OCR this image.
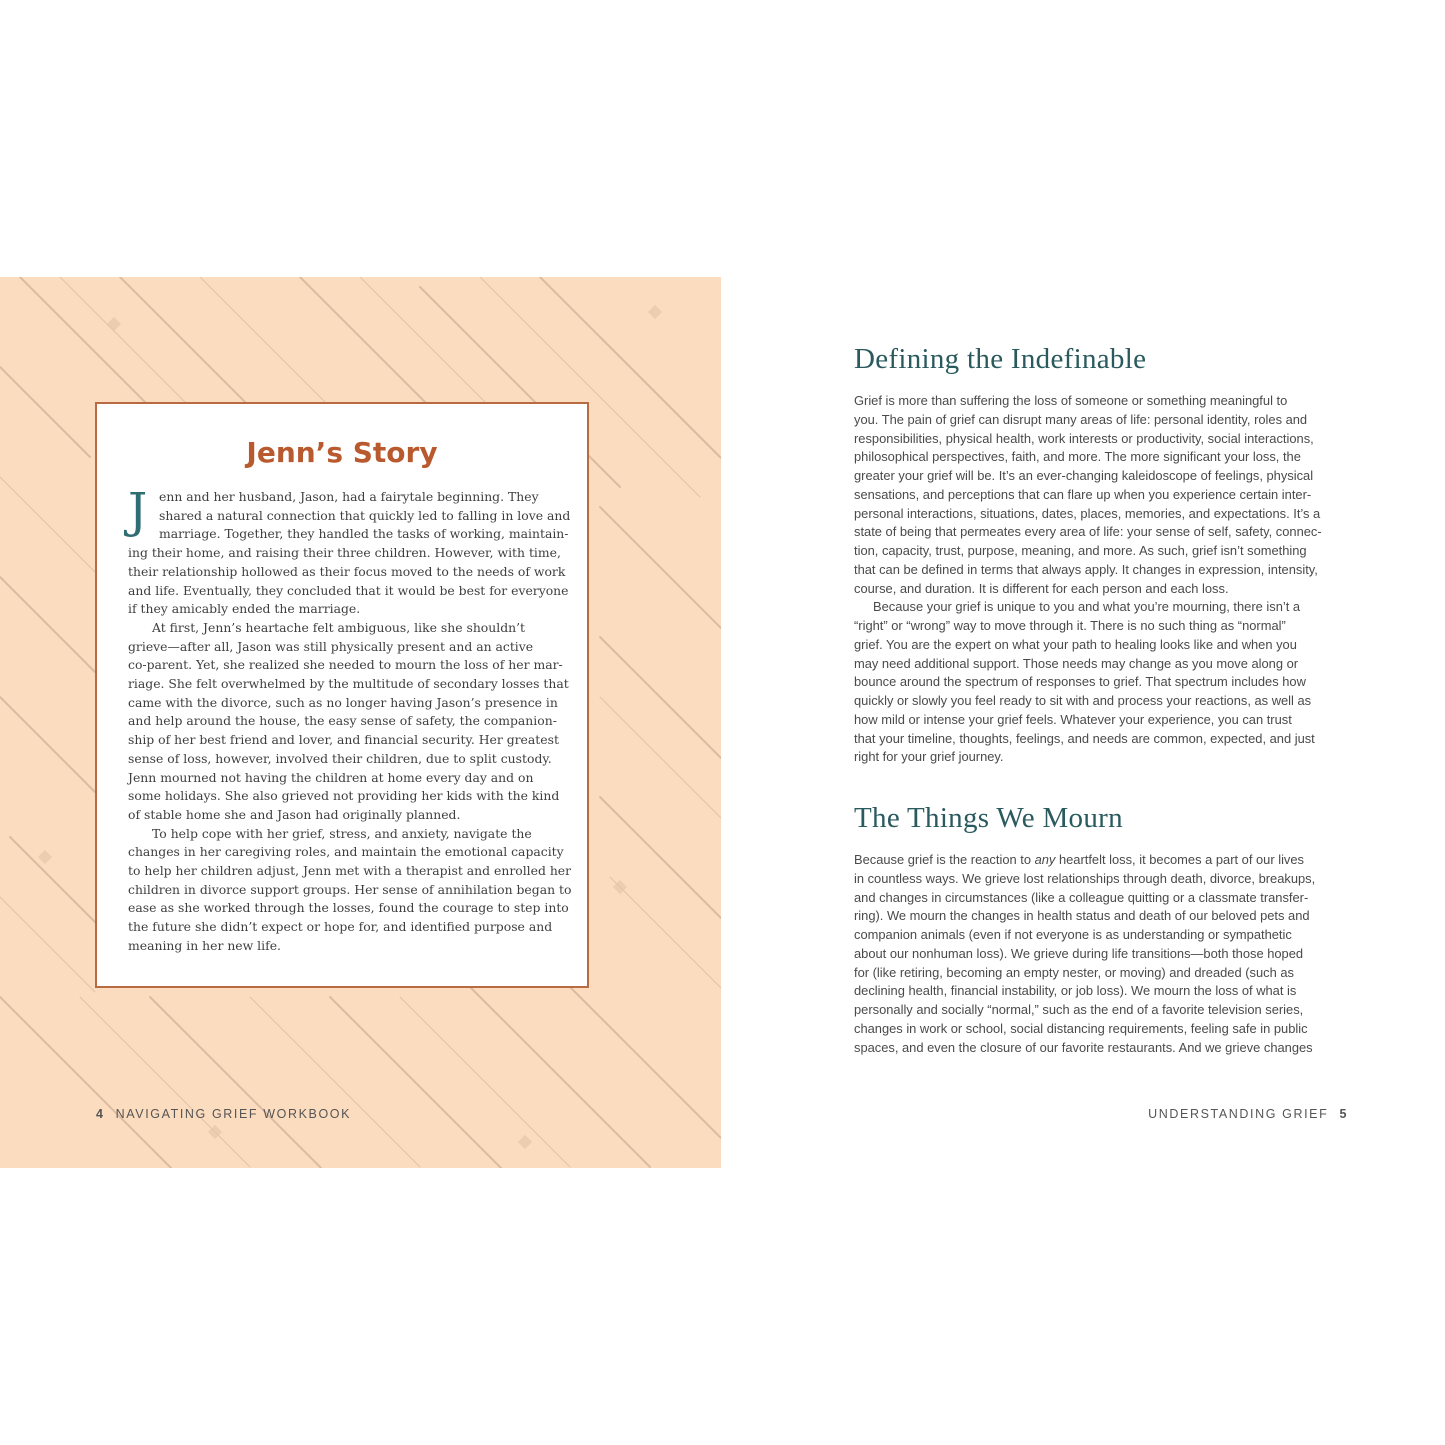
Jenn’s Story
J enn and her husband, Jason, had a fairytale beginning. They

shared a natural connection that quickly led to falling in love and

marriage. Together, they handled the tasks of working, maintain-

ing their home, and raising their three children. However, with time,

their relationship hollowed as their focus moved to the needs of work

and life. Eventually, they concluded that it would be best for everyone

if they amicably ended the marriage.

At first, Jenn’s heartache felt ambiguous, like she shouldn’t

grieve—after all, Jason was still physically present and an active

co-parent. Yet, she realized she needed to mourn the loss of her mar-

riage. She felt overwhelmed by the multitude of secondary losses that

came with the divorce, such as no longer having Jason’s presence in

and help around the house, the easy sense of safety, the companion-

ship of her best friend and lover, and financial security. Her greatest

sense of loss, however, involved their children, due to split custody.

Jenn mourned not having the children at home every day and on

some holidays. She also grieved not providing her kids with the kind

of stable home she and Jason had originally planned.

To help cope with her grief, stress, and anxiety, navigate the

changes in her caregiving roles, and maintain the emotional capacity

to help her children adjust, Jenn met with a therapist and enrolled her

children in divorce support groups. Her sense of annihilation began to

ease as she worked through the losses, found the courage to step into

the future she didn’t expect or hope for, and identified purpose and

meaning in her new life.

4 NAVIGATING GRIEF WORKBOOK
Defining the Indefinable

Grief is more than suffering the loss of someone or something meaningful to

you. The pain of grief can disrupt many areas of life: personal identity, roles and

responsibilities, physical health, work interests or productivity, social interactions,

philosophical perspectives, faith, and more. The more significant your loss, the

greater your grief will be. It’s an ever-changing kaleidoscope of feelings, physical

sensations, and perceptions that can flare up when you experience certain inter-

personal interactions, situations, dates, places, memories, and expectations. It’s a

state of being that permeates every area of life: your sense of self, safety, connec-

tion, capacity, trust, purpose, meaning, and more. As such, grief isn’t something

that can be defined in terms that always apply. It changes in expression, intensity,

course, and duration. It is different for each person and each loss.

Because your grief is unique to you and what you’re mourning, there isn’t a

“right” or “wrong” way to move through it. There is no such thing as “normal”

grief. You are the expert on what your path to healing looks like and when you

may need additional support. Those needs may change as you move along or

bounce around the spectrum of responses to grief. That spectrum includes how

quickly or slowly you feel ready to sit with and process your reactions, as well as

how mild or intense your grief feels. Whatever your experience, you can trust

that your timeline, thoughts, feelings, and needs are common, expected, and just

right for your grief journey.

The Things We Mourn

Because grief is the reaction to any heartfelt loss, it becomes a part of our lives

in countless ways. We grieve lost relationships through death, divorce, breakups,

and changes in circumstances (like a colleague quitting or a classmate transfer-

ring). We mourn the changes in health status and death of our beloved pets and

companion animals (even if not everyone is as understanding or sympathetic

about our nonhuman loss). We grieve during life transitions—both those hoped

for (like retiring, becoming an empty nester, or moving) and dreaded (such as

declining health, financial instability, or job loss). We mourn the loss of what is

personally and socially “normal,” such as the end of a favorite television series,

changes in work or school, social distancing requirements, feeling safe in public

spaces, and even the closure of our favorite restaurants. And we grieve changes

UNDERSTANDING GRIEF 5
